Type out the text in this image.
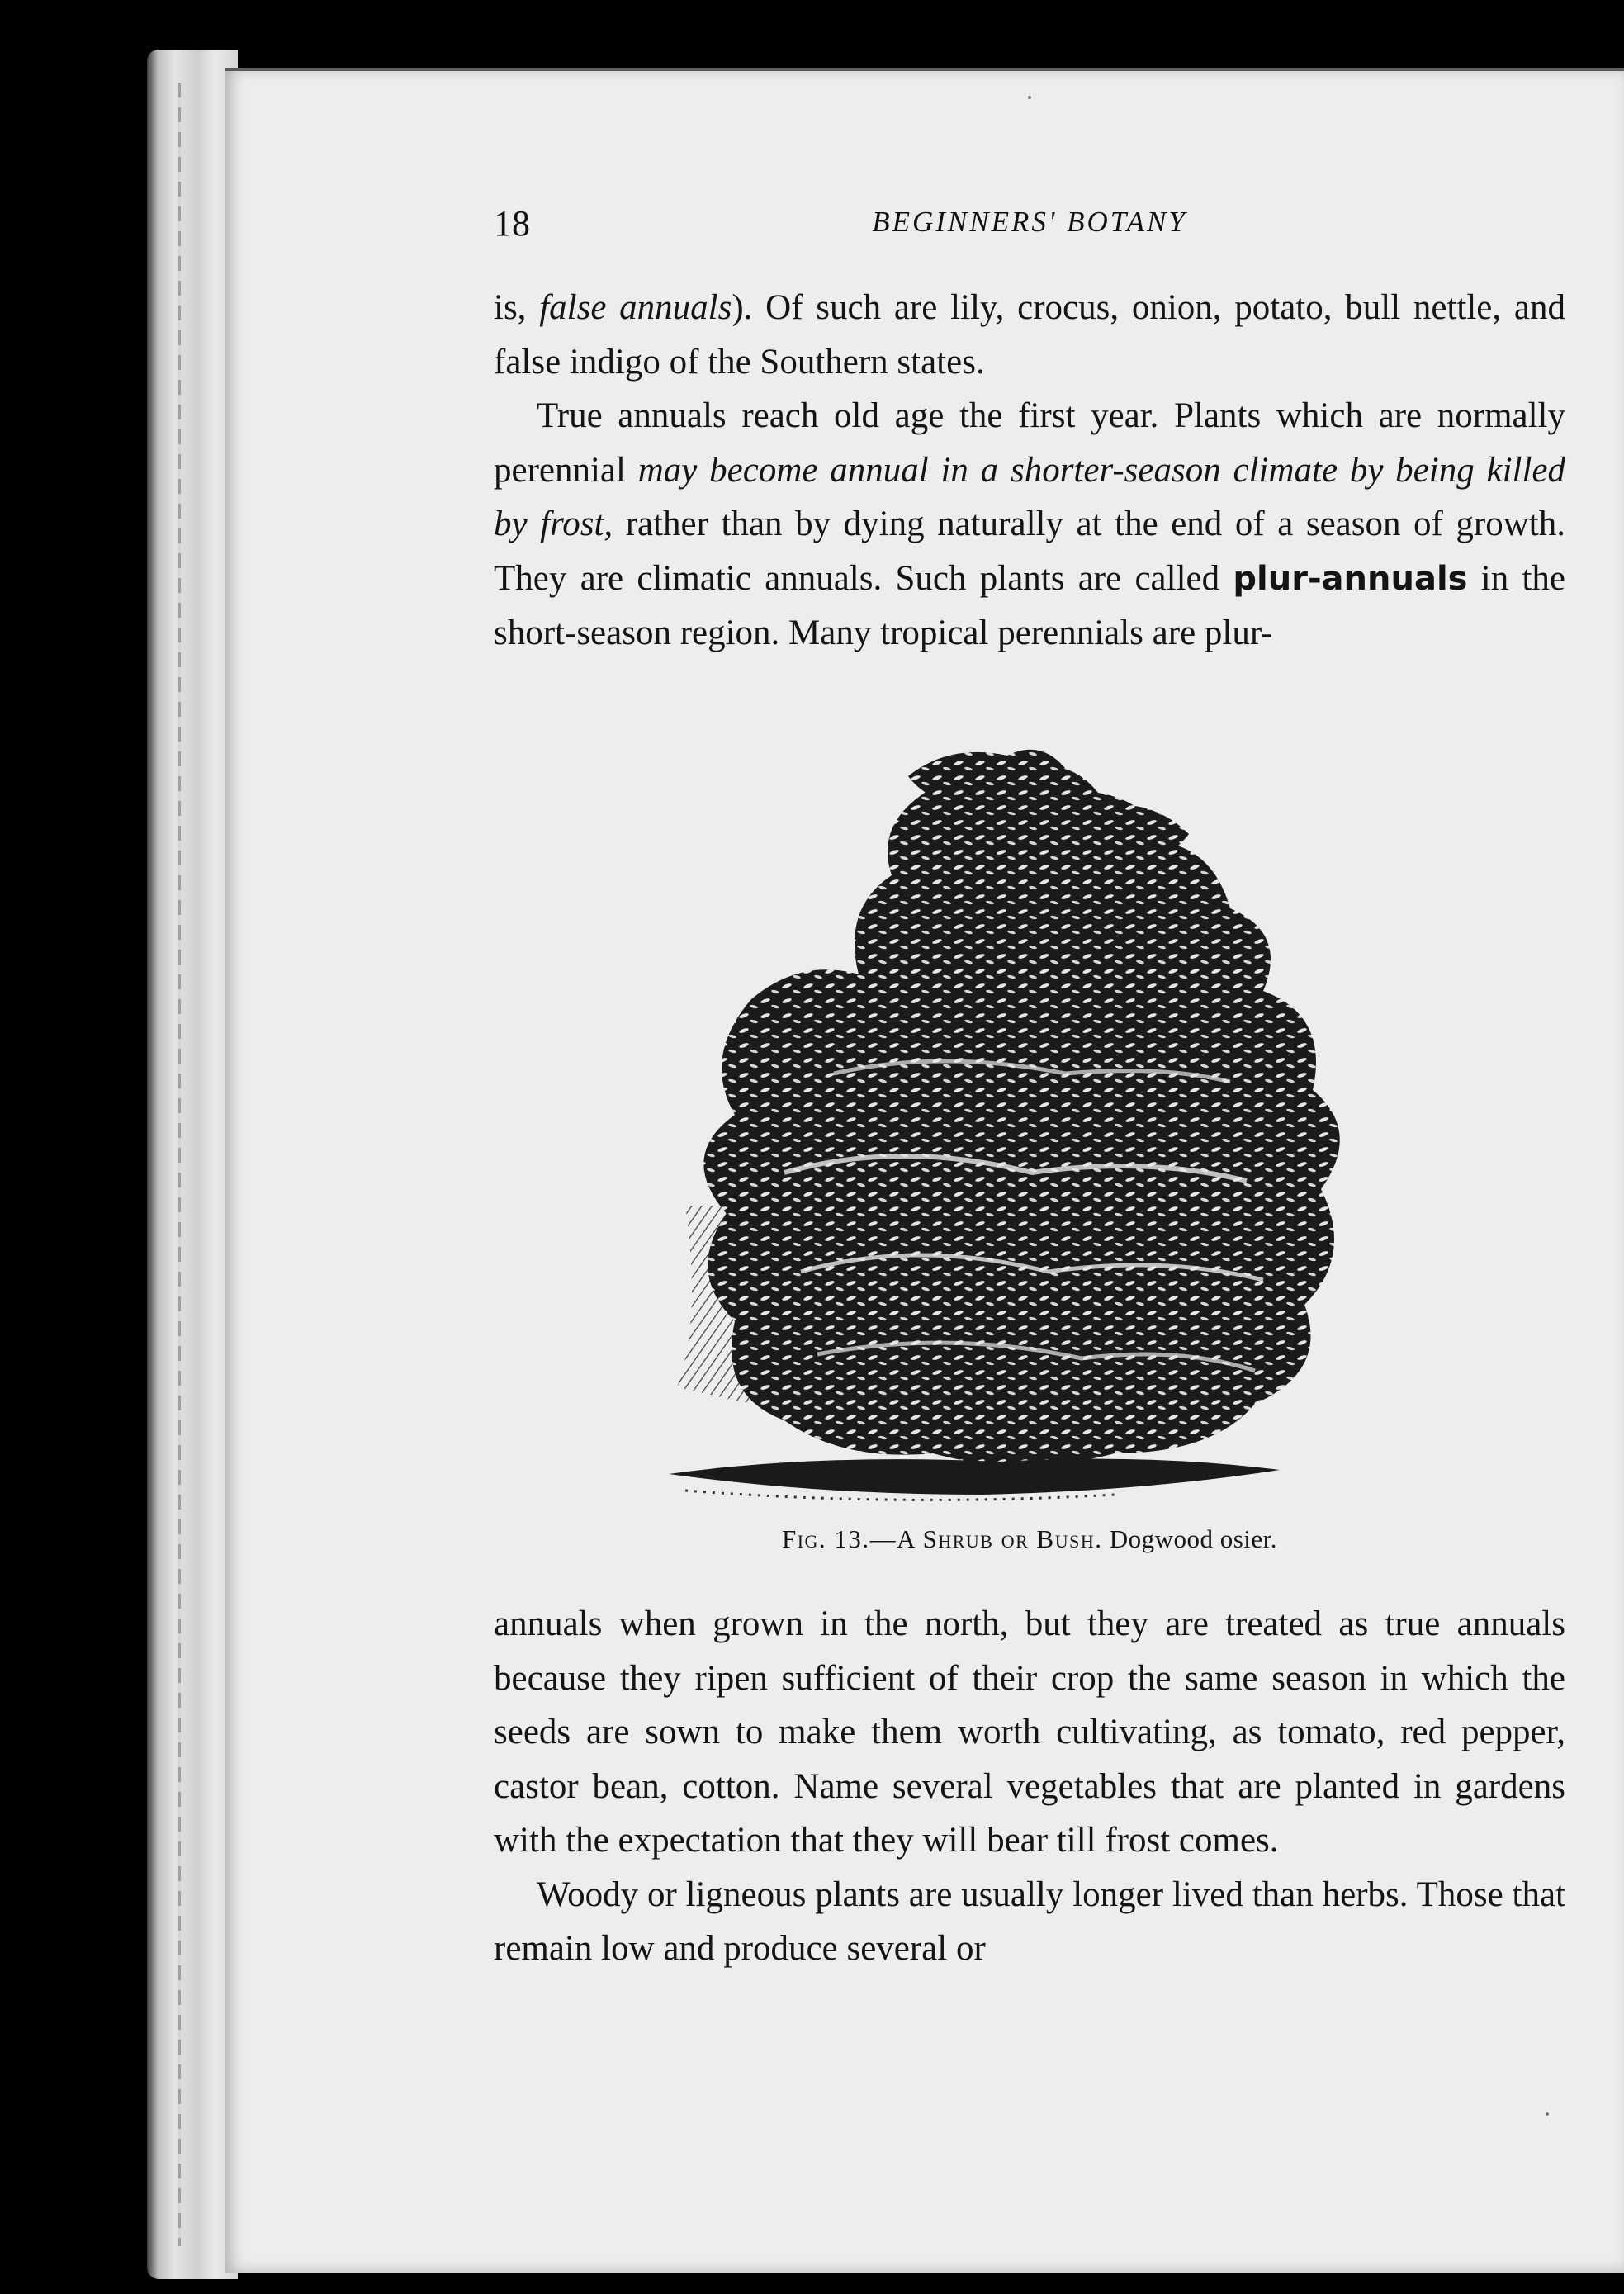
18	BEGINNERS' BOTANY

is, false annuals). Of such are lily, crocus, onion, potato, bull nettle, and false indigo of the Southern states.

True annuals reach old age the first year. Plants which are normally perennial may become annual in a shorter-season climate by being killed by frost, rather than by dying naturally at the end of a season of growth. They are climatic annuals. Such plants are called plur-annuals in the short-season region. Many tropical perennials are plur-

Fig. 13.—A Shrub or Bush. Dogwood osier.

annuals when grown in the north, but they are treated as true annuals because they ripen sufficient of their crop the same season in which the seeds are sown to make them worth cultivating, as tomato, red pepper, castor bean, cotton. Name several vegetables that are planted in gardens with the expectation that they will bear till frost comes.

Woody or ligneous plants are usually longer lived than herbs. Those that remain low and produce several or
